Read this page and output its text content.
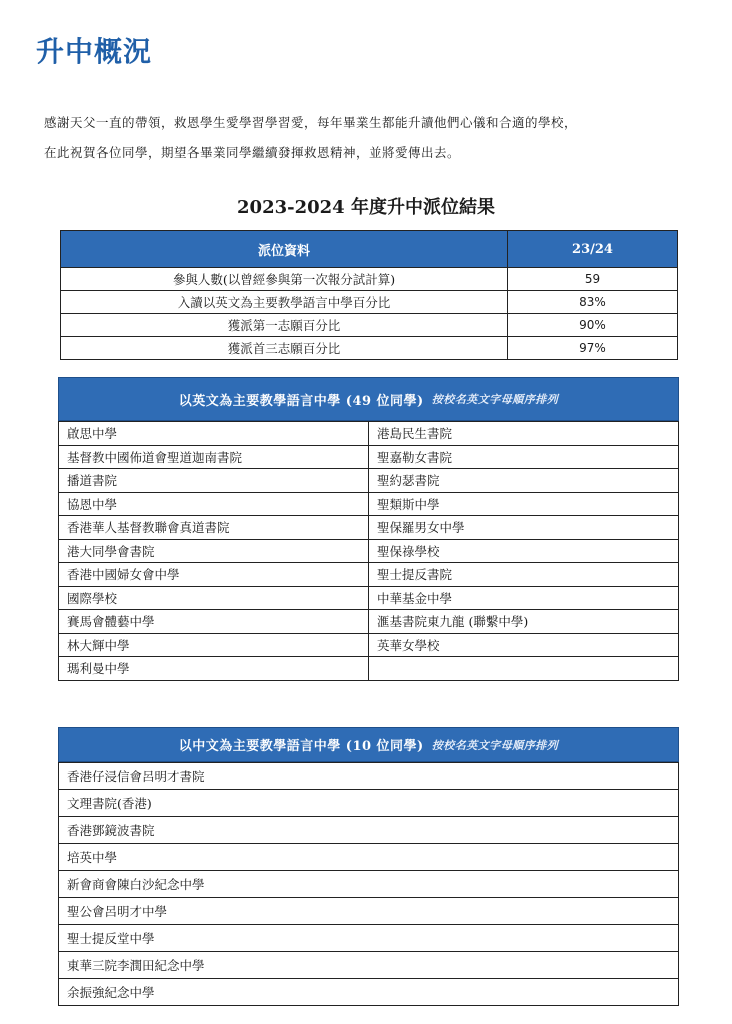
升中概況

感謝天父一直的帶領，救恩學生愛學習學習愛，每年畢業生都能升讀他們心儀和合適的學校，

在此祝賀各位同學，期望各畢業同學繼續發揮救恩精神，並將愛傳出去。

2023-2024 年度升中派位結果
派位資料	23/24
參與人數(以曾經參與第一次報分試計算)	59
入讀以英文為主要教學語言中學百分比	83%
獲派第一志願百分比	90%
獲派首三志願百分比	97%
以英文為主要教學語言中學 (49 位同學) 按校名英文字母順序排列
啟思中學	港島民生書院
基督教中國佈道會聖道迦南書院	聖嘉勒女書院
播道書院	聖約瑟書院
協恩中學	聖類斯中學
香港華人基督教聯會真道書院	聖保羅男女中學
港大同學會書院	聖保祿學校
香港中國婦女會中學	聖士提反書院
國際學校	中華基金中學
賽馬會體藝中學	滙基書院東九龍 (聯繫中學)
林大輝中學	英華女學校
瑪利曼中學	
以中文為主要教學語言中學 (10 位同學) 按校名英文字母順序排列
香港仔浸信會呂明才書院
文理書院(香港)
香港鄧鏡波書院
培英中學
新會商會陳白沙紀念中學
聖公會呂明才中學
聖士提反堂中學
東華三院李潤田紀念中學
余振強紀念中學
